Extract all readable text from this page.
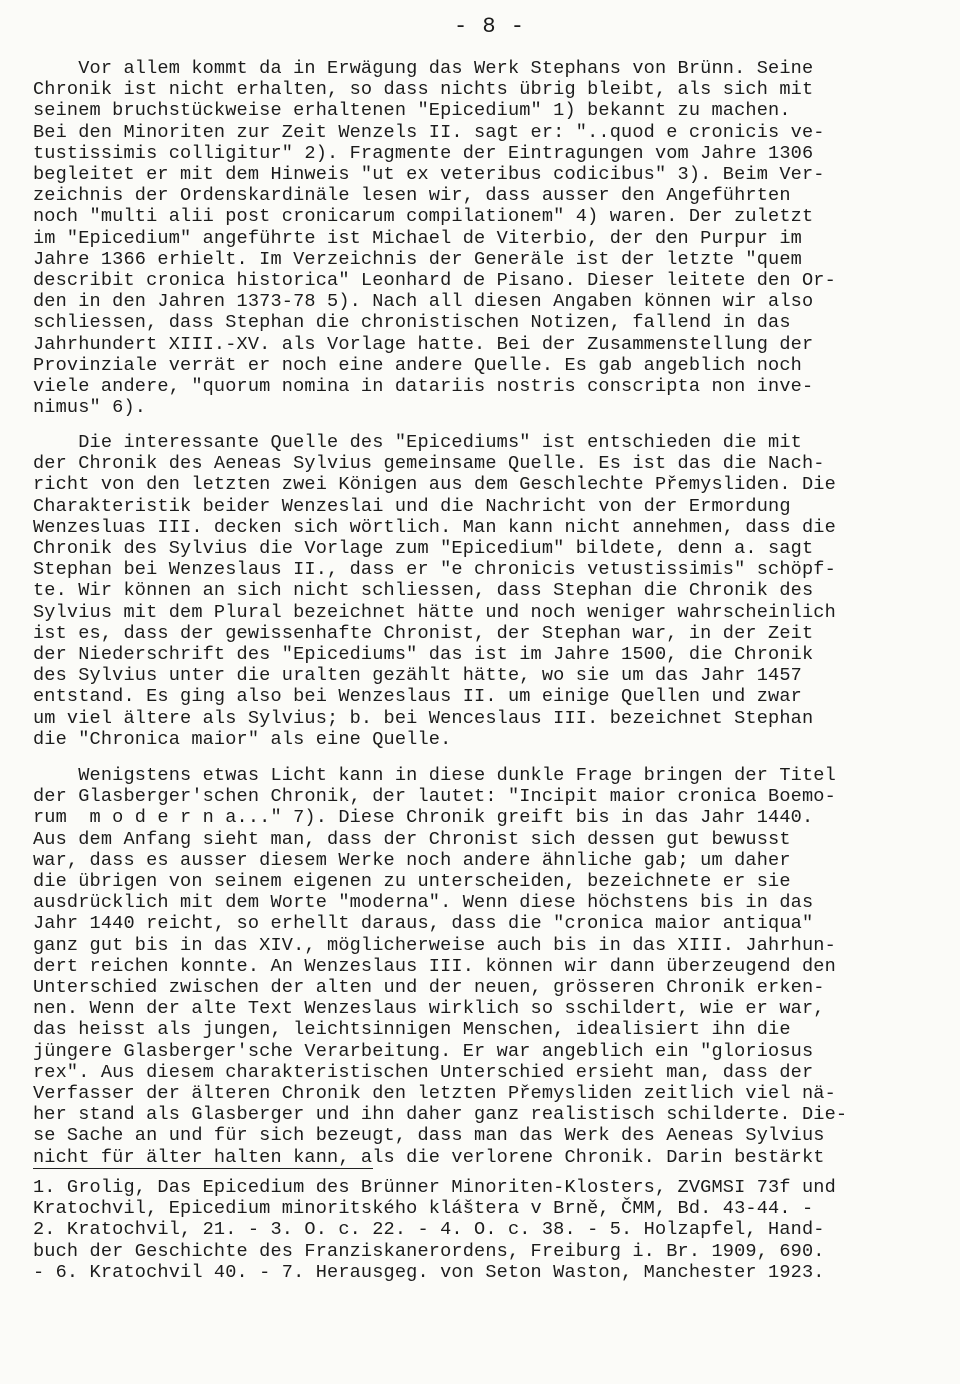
- 8 -
Vor allem kommt da in Erwägung das Werk Stephans von Brünn. Seine
Chronik ist nicht erhalten, so dass nichts übrig bleibt, als sich mit
seinem bruchstückweise erhaltenen "Epicedium" 1) bekannt zu machen.
Bei den Minoriten zur Zeit Wenzels II. sagt er: "..quod e cronicis ve-
tustissimis colligitur" 2). Fragmente der Eintragungen vom Jahre 1306
begleitet er mit dem Hinweis "ut ex veteribus codicibus" 3). Beim Ver-
zeichnis der Ordenskardinäle lesen wir, dass ausser den Angeführten
noch "multi alii post cronicarum compilationem" 4) waren. Der zuletzt
im "Epicedium" angeführte ist Michael de Viterbio, der den Purpur im
Jahre 1366 erhielt. Im Verzeichnis der Generäle ist der letzte "quem
describit cronica historica" Leonhard de Pisano. Dieser leitete den Or-
den in den Jahren 1373-78 5). Nach all diesen Angaben können wir also
schliessen, dass Stephan die chronistischen Notizen, fallend in das
Jahrhundert XIII.-XV. als Vorlage hatte. Bei der Zusammenstellung der
Provinziale verrät er noch eine andere Quelle. Es gab angeblich noch
viele andere, "quorum nomina in datariis nostris conscripta non inve-
nimus" 6).
Die interessante Quelle des "Epicediums" ist entschieden die mit
der Chronik des Aeneas Sylvius gemeinsame Quelle. Es ist das die Nach-
richt von den letzten zwei Königen aus dem Geschlechte Přemysliden. Die
Charakteristik beider Wenzeslai und die Nachricht von der Ermordung
Wenzesluas III. decken sich wörtlich. Man kann nicht annehmen, dass die
Chronik des Sylvius die Vorlage zum "Epicedium" bildete, denn a. sagt
Stephan bei Wenzeslaus II., dass er "e chronicis vetustissimis" schöpf-
te. Wir können an sich nicht schliessen, dass Stephan die Chronik des
Sylvius mit dem Plural bezeichnet hätte und noch weniger wahrscheinlich
ist es, dass der gewissenhafte Chronist, der Stephan war, in der Zeit
der Niederschrift des "Epicediums" das ist im Jahre 1500, die Chronik
des Sylvius unter die uralten gezählt hätte, wo sie um das Jahr 1457
entstand. Es ging also bei Wenzeslaus II. um einige Quellen und zwar
um viel ältere als Sylvius; b. bei Wenceslaus III. bezeichnet Stephan
die "Chronica maior" als eine Quelle.
Wenigstens etwas Licht kann in diese dunkle Frage bringen der Titel
der Glasberger'schen Chronik, der lautet: "Incipit maior cronica Boemo-
rum  m o d e r n a..." 7). Diese Chronik greift bis in das Jahr 1440.
Aus dem Anfang sieht man, dass der Chronist sich dessen gut bewusst
war, dass es ausser diesem Werke noch andere ähnliche gab; um daher
die übrigen von seinem eigenen zu unterscheiden, bezeichnete er sie
ausdrücklich mit dem Worte "moderna". Wenn diese höchstens bis in das
Jahr 1440 reicht, so erhellt daraus, dass die "cronica maior antiqua"
ganz gut bis in das XIV., möglicherweise auch bis in das XIII. Jahrhun-
dert reichen konnte. An Wenzeslaus III. können wir dann überzeugend den
Unterschied zwischen der alten und der neuen, grösseren Chronik erken-
nen. Wenn der alte Text Wenzeslaus wirklich so sschildert, wie er war,
das heisst als jungen, leichtsinnigen Menschen, idealisiert ihn die
jüngere Glasberger'sche Verarbeitung. Er war angeblich ein "gloriosus
rex". Aus diesem charakteristischen Unterschied ersieht man, dass der
Verfasser der älteren Chronik den letzten Přemysliden zeitlich viel nä-
her stand als Glasberger und ihn daher ganz realistisch schilderte. Die-
se Sache an und für sich bezeugt, dass man das Werk des Aeneas Sylvius
nicht für älter halten kann, als die verlorene Chronik. Darin bestärkt
1. Grolig, Das Epicedium des Brünner Minoriten-Klosters, ZVGMSI 73f und
Kratochvil, Epicedium minoritského kláštera v Brně, ČMM, Bd. 43-44. -
2. Kratochvil, 21. - 3. O. c. 22. - 4. O. c. 38. - 5. Holzapfel, Hand-
buch der Geschichte des Franziskanerordens, Freiburg i. Br. 1909, 690.
- 6. Kratochvil 40. - 7. Herausgeg. von Seton Waston, Manchester 1923.
